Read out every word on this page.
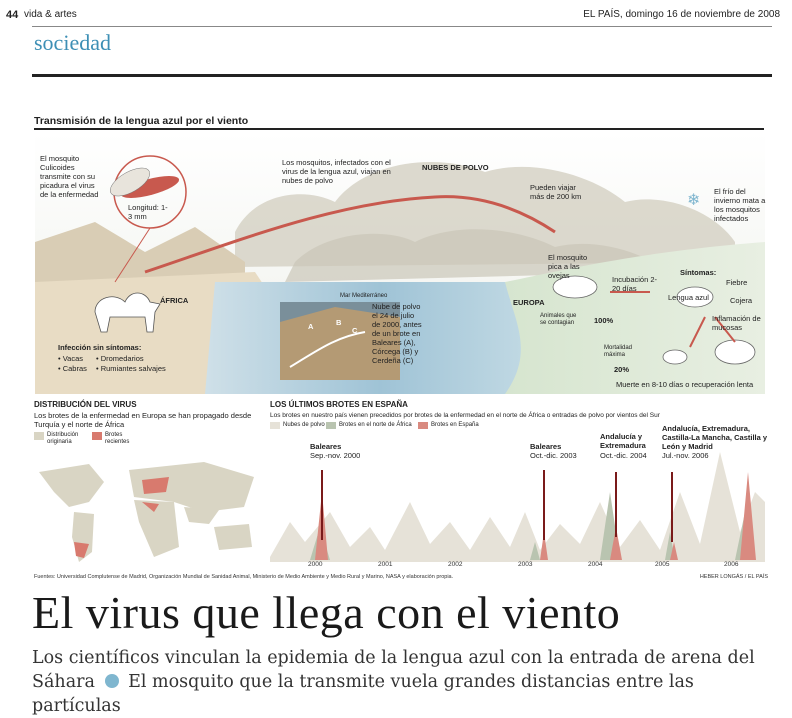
44 vida & artes	EL PAÍS, domingo 16 de noviembre de 2008
sociedad
Transmisión de la lengua azul por el viento
❄
El mosquito Culicoides transmite con su picadura el virus de la enfermedad
Longitud: 1-3 mm
Los mosquitos, infectados con el virus de la lengua azul, viajan en nubes de polvo
NUBES DE POLVO
Pueden viajar más de 200 km
El frío del invierno mata a los mosquitos infectados
ÁFRICA	EUROPA
Mar Mediterráneo
Nube de polvo el 24 de julio de 2000, antes de un brote en Baleares (A), Córcega (B) y Cerdeña (C)
A	B
C
El mosquito pica a las ovejas	Incubación 2-20 días
Animales que se contagian	100%
Síntomas:
Fiebre
Lengua azul	Cojera
Inflamación de mucosas
Mortalidad máxima
20%
Muerte en 8-10 días o recuperación lenta
Infección sin síntomas:
• Vacas • Dromedarios
• Cabras • Rumiantes salvajes
DISTRIBUCIÓN DEL VIRUS
Los brotes de la enfermedad en Europa se han propagado desde Turquía y el norte de África
Distribución originaria
Brotes recientes
LOS ÚLTIMOS BROTES EN ESPAÑA
Los brotes en nuestro país vienen precedidos por brotes de la enfermedad en el norte de África o entradas de polvo por vientos del Sur
Nubes de polvo Brotes en el norte de África	Brotes en España
2000	2001	2002	2003	2004	2005	2006
Baleares
Sep.-nov. 2000
Baleares
Oct.-dic. 2003
Andalucía y Extremadura
Oct.-dic. 2004
Andalucía, Extremadura, Castilla-La Mancha, Castilla y León y Madrid
Jul.-nov. 2006
Fuentes: Universidad Complutense de Madrid, Organización Mundial de Sanidad Animal, Ministerio de Medio Ambiente y Medio Rural y Marino, NASA y elaboración propia.	HEBER LONGÁS / EL PAÍS
El virus que llega con el viento
Los científicos vinculan la epidemia de la lengua azul con la entrada de arena del Sáhara El mosquito que la transmite vuela grandes distancias entre las partículas
